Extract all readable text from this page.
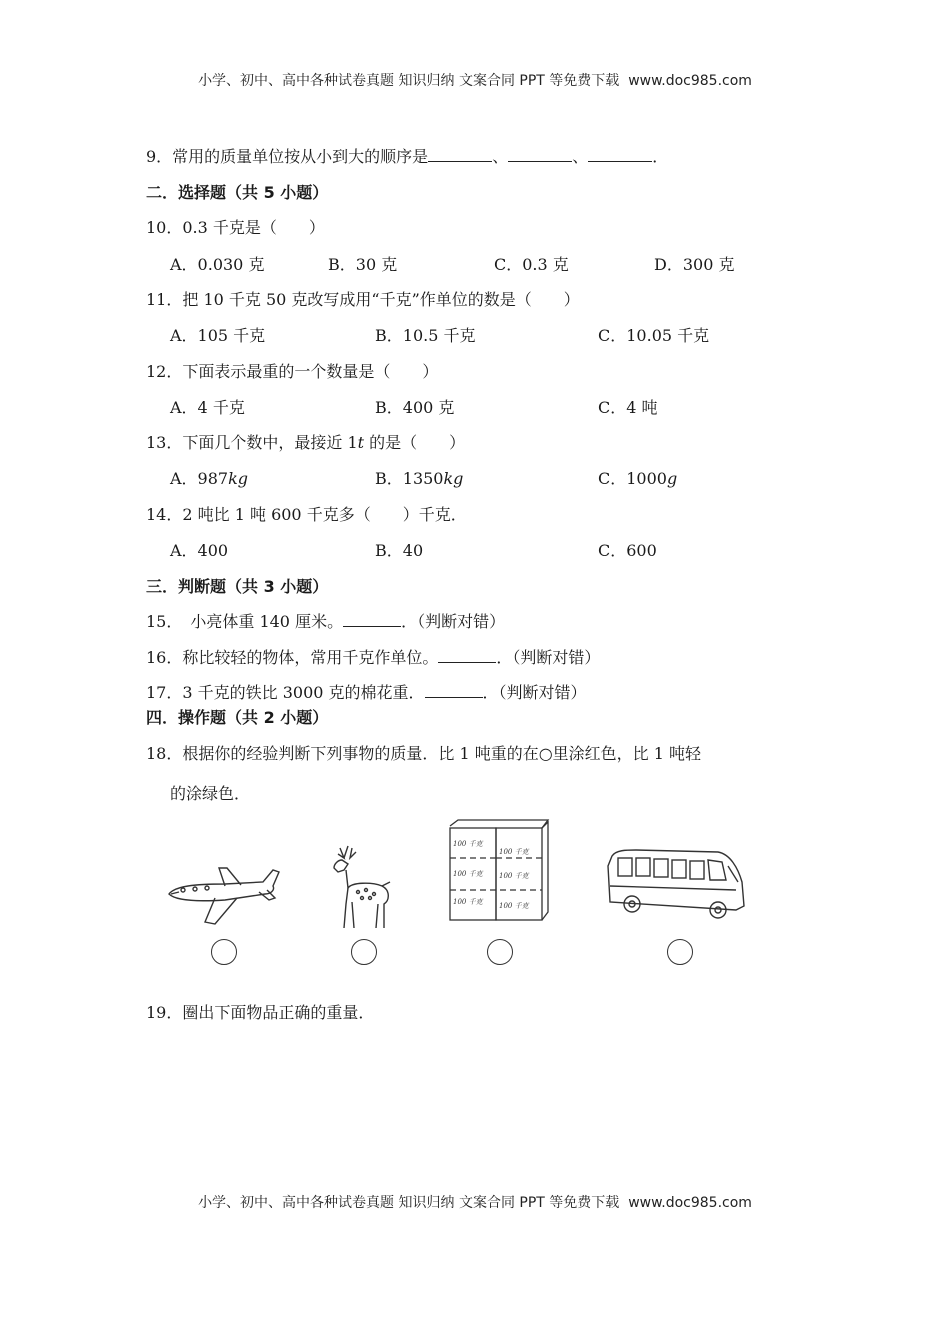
小学、初中、高中各种试卷真题 知识归纳 文案合同 PPT 等免费下载  www.doc985.com
9．常用的质量单位按从小到大的顺序是	、	、	．
二．选择题（共 5 小题）
10．0.3 千克是（　　）
A．0.030 克	B．30 克	C．0.3 克	D．300 克
11．把 10 千克 50 克改写成用“千克”作单位的数是（　　）
A．105 千克	B．10.5 千克	C．10.05 千克
12．下面表示最重的一个数量是（　　）
A．4 千克	B．400 克	C．4 吨
13．下面几个数中，最接近 1t 的是（　　）
A．987kg	B．1350kg	C．1000g
14．2 吨比 1 吨 600 千克多（　　）千克．
A．400	B．40	C．600
三．判断题（共 3 小题）
15．　小亮体重 140 厘米。	．（判断对错）
16．称比较轻的物体，常用千克作单位。	．（判断对错）
17．3 千克的铁比 3000 克的棉花重．	．（判断对错）
四．操作题（共 2 小题）
18．根据你的经验判断下列事物的质量．比 1 吨重的在○里涂红色，比 1 吨轻
的涂绿色．
100 千克
100 千克
100 千克 100 千克
100 千克 100 千克
19．圈出下面物品正确的重量．
小学、初中、高中各种试卷真题 知识归纳 文案合同 PPT 等免费下载  www.doc985.com
